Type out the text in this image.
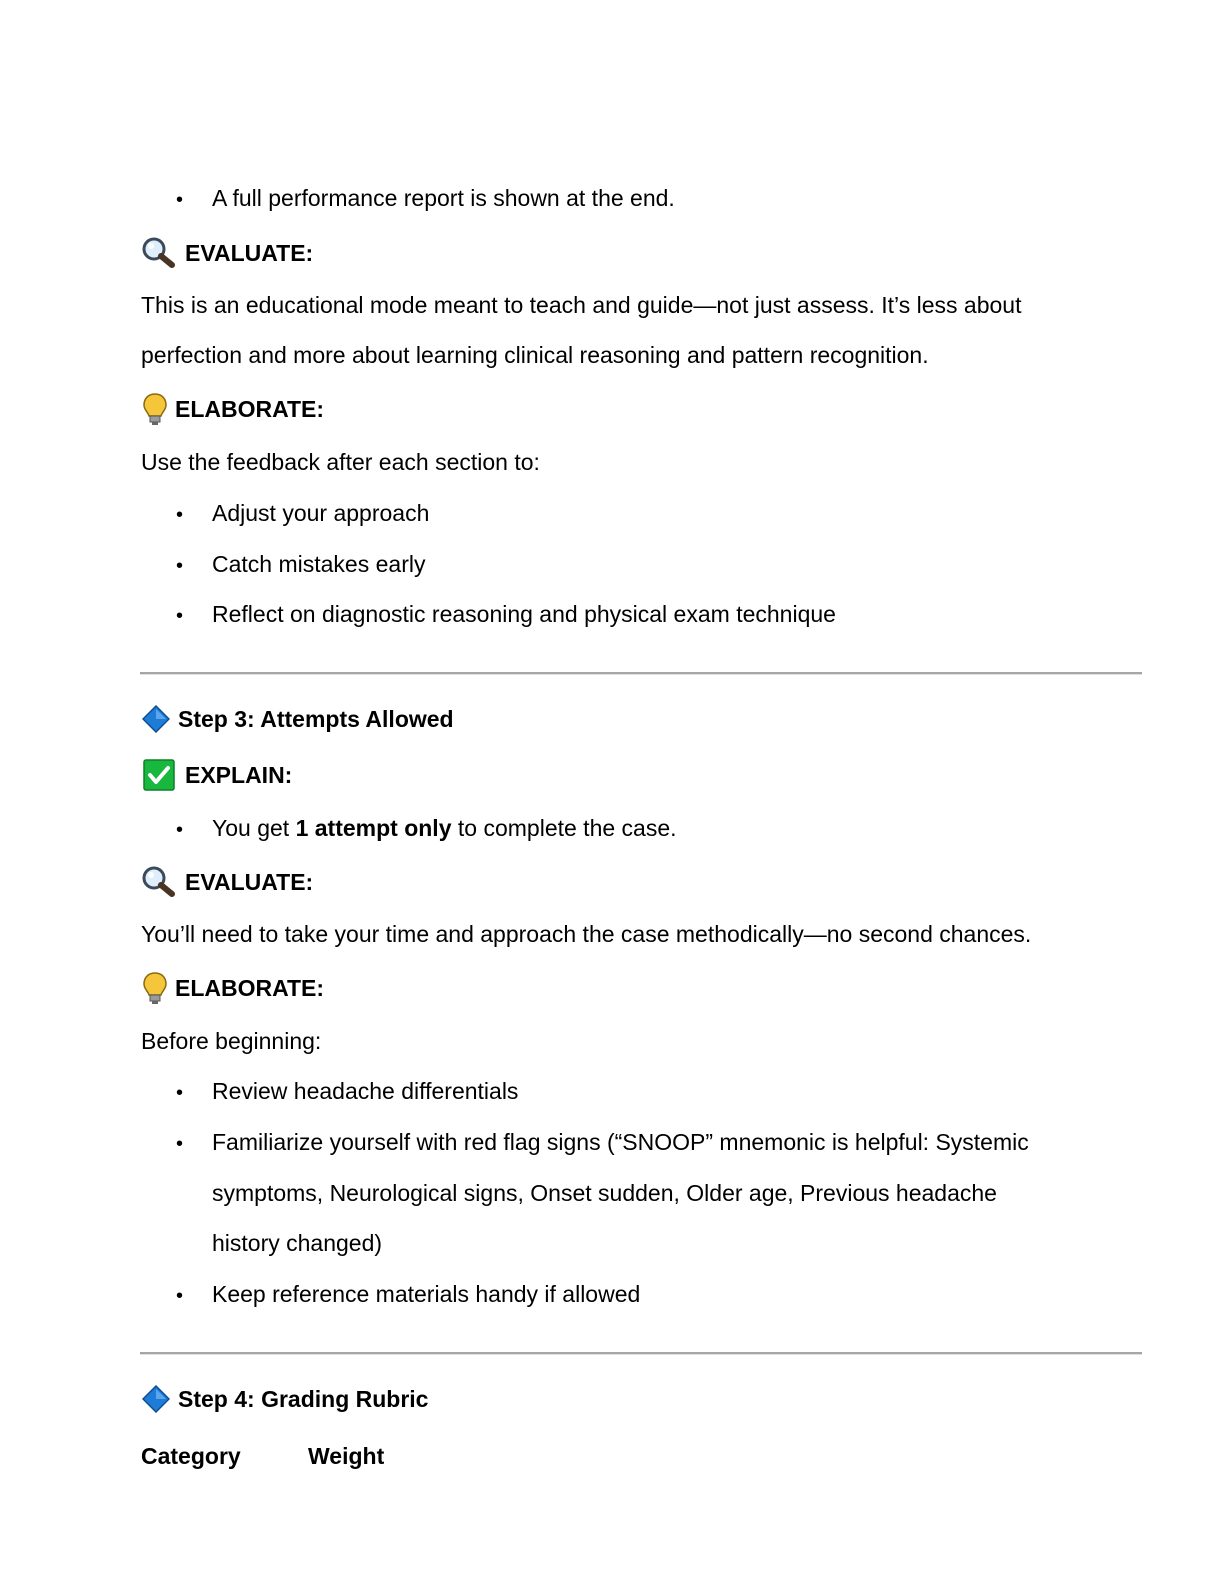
• A full performance report is shown at the end.
EVALUATE:
This is an educational mode meant to teach and guide—not just assess. It’s less about
perfection and more about learning clinical reasoning and pattern recognition.
ELABORATE:
Use the feedback after each section to:
• Adjust your approach
• Catch mistakes early
• Reflect on diagnostic reasoning and physical exam technique
Step 3: Attempts Allowed
EXPLAIN:
• You get 1 attempt only to complete the case.
EVALUATE:
You’ll need to take your time and approach the case methodically—no second chances.
ELABORATE:
Before beginning:
• Review headache differentials
• Familiarize yourself with red flag signs (“SNOOP” mnemonic is helpful: Systemic
symptoms, Neurological signs, Onset sudden, Older age, Previous headache
history changed)
• Keep reference materials handy if allowed
Step 4: Grading Rubric
Category	Weight
